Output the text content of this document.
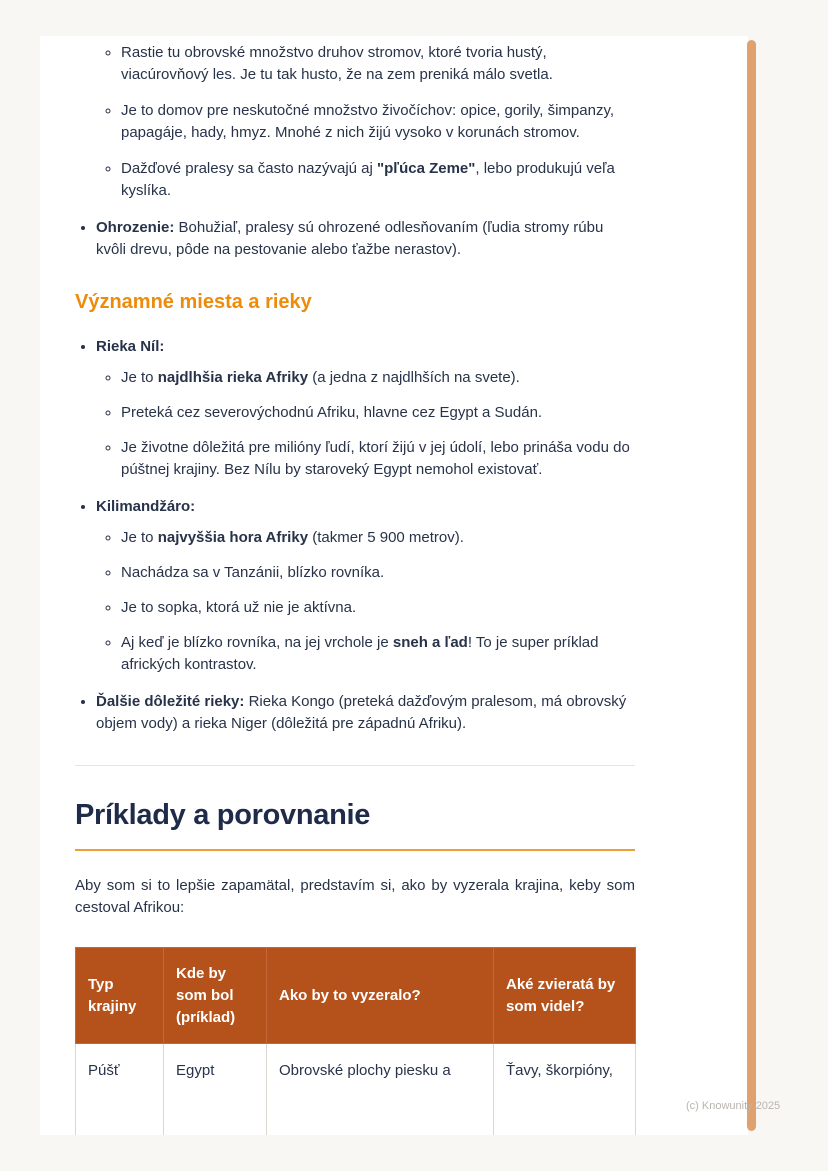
◦ Rastie tu obrovské množstvo druhov stromov, ktoré tvoria hustý, viacúrovňový les. Je tu tak husto, že na zem preniká málo svetla.
◦ Je to domov pre neskutočné množstvo živočíchov: opice, gorily, šimpanzy, papagáje, hady, hmyz. Mnohé z nich žijú vysoko v korunách stromov.
◦ Dažďové pralesy sa často nazývajú aj "pľúca Zeme", lebo produkujú veľa kyslíka.
• Ohrozenie: Bohužiaľ, pralesy sú ohrozené odlesňovaním (ľudia stromy rúbu kvôli drevu, pôde na pestovanie alebo ťažbe nerastov).
Významné miesta a rieky
• Rieka Níl:
◦ Je to najdlhšia rieka Afriky (a jedna z najdlhších na svete).
◦ Preteká cez severovýchodnú Afriku, hlavne cez Egypt a Sudán.
◦ Je životne dôležitá pre milióny ľudí, ktorí žijú v jej údolí, lebo prináša vodu do púštnej krajiny. Bez Nílu by staroveký Egypt nemohol existovať.
• Kilimandžáro:
◦ Je to najvyššia hora Afriky (takmer 5 900 metrov).
◦ Nachádza sa v Tanzánii, blízko rovníka.
◦ Je to sopka, ktorá už nie je aktívna.
◦ Aj keď je blízko rovníka, na jej vrchole je sneh a ľad! To je super príklad afrických kontrastov.
• Ďalšie dôležité rieky: Rieka Kongo (preteká dažďovým pralesom, má obrovský objem vody) a rieka Niger (dôležitá pre západnú Afriku).
Príklady a porovnanie

Aby som si to lepšie zapamätal, predstavím si, ako by vyzerala krajina, keby som cestoval Afrikou:

Typ krajiny	Kde by som bol (príklad)	Ako by to vyzeralo?	Aké zvieratá by som videl?
Púšť	Egypt	Obrovské plochy piesku a	Ťavy, škorpióny,
(c) Knowunity 2025
